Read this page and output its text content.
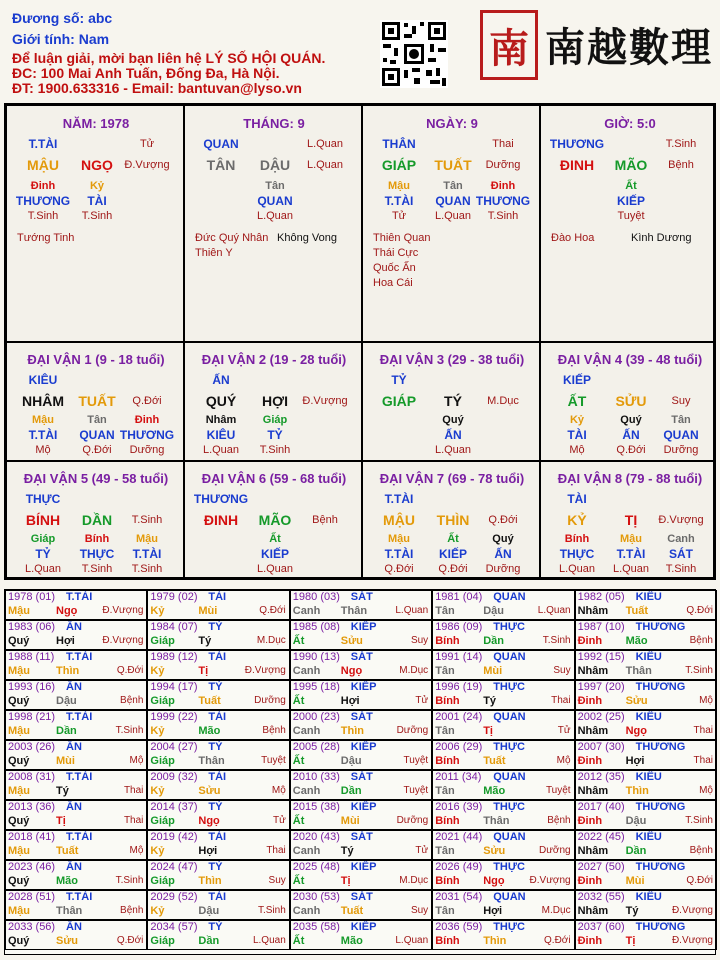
Đương số: abc
Giới tính: Nam
Để luận giải, mời bạn liên hệ LÝ SỐ HỘI QUÁN.
ĐC: 100 Mai Anh Tuấn, Đống Đa, Hà Nội.
ĐT: 1900.633316 - Email: bantuvan@lyso.vn
南 南越數理
NĂM: 1978
T.TÀI	Tử
MẬU NGỌ Đ.Vượng
Đinh
THƯƠNG
T.Sinh
Kỷ
TÀI
T.Sinh
Tướng Tinh
THÁNG: 9
QUAN	L.Quan
TÂN DẬU L.Quan
Tân
QUAN
L.Quan
Đức Quý Nhân Không Vong
Thiên Y
NGÀY: 9
THÂN	Thai
GIÁP TUẤT Dưỡng
Mậu
T.TÀI
Tử
Tân
QUAN
L.Quan
Đinh
THƯƠNG
T.Sinh
Thiên Quan
Thái Cực
Quốc Ấn
Hoa Cái
GIỜ: 5:0
THƯƠNG	T.Sinh
ĐINH MÃO Bệnh
Ất
KIẾP
Tuyệt
Đào Hoa	Kình Dương
ĐẠI VẬN 1 (9 - 18 tuổi)
KIÊU
NHÂM TUẤT Q.Đới
Mậu
T.TÀI
Mộ
Tân
QUAN
Q.Đới
Đinh
THƯƠNG
Dưỡng
ĐẠI VẬN 2 (19 - 28 tuổi)
ẤN
QUÝ HỢI Đ.Vượng
Nhâm
KIÊU
L.Quan
Giáp
TỶ
T.Sinh
ĐẠI VẬN 3 (29 - 38 tuổi)
TỶ
GIÁP TÝ M.Dục
Quý
ẤN
L.Quan
ĐẠI VẬN 4 (39 - 48 tuổi)
KIẾP
ẤT SỬU Suy
Kỷ
TÀI
Mộ
Quý
ẤN
Q.Đới
Tân
QUAN
Dưỡng
ĐẠI VẬN 5 (49 - 58 tuổi)
THỰC
BÍNH DẦN T.Sinh
Giáp
TỶ
L.Quan
Bính
THỰC
T.Sinh
Mậu
T.TÀI
T.Sinh
ĐẠI VẬN 6 (59 - 68 tuổi)
THƯƠNG
ĐINH MÃO Bệnh
Ất
KIẾP
L.Quan
ĐẠI VẬN 7 (69 - 78 tuổi)
T.TÀI
MẬU THÌN Q.Đới
Mậu
T.TÀI
Q.Đới
Ất
KIẾP
Q.Đới
Quý
ẤN
Dưỡng
ĐẠI VẬN 8 (79 - 88 tuổi)
TÀI
KỶ	TỊ Đ.Vượng
Bính
THỰC
L.Quan
Mậu
T.TÀI
L.Quan
Canh
SÁT
T.Sinh
1978 (01) T.TÀI
Mậu Ngọ Đ.Vượng
1979 (02) TÀI
Kỷ	Mùi	Q.Đới
1980 (03) SÁT
Canh Thân	L.Quan
1981 (04) QUAN
Tân	Dậu	L.Quan
1982 (05) KIÊU
Nhâm Tuất	Q.Đới
1983 (06) ẤN
Quý Hợi	Đ.Vượng
1984 (07) TỶ
Giáp Tý	M.Dục
1985 (08) KIẾP
Ất	Sửu	Suy
1986 (09) THỰC
Bính Dần	T.Sinh
1987 (10) THƯƠNG
Đinh Mão	Bệnh
1988 (11) T.TÀI
Mậu Thìn	Q.Đới
1989 (12) TÀI
Kỷ	Tị	Đ.Vượng
1990 (13) SÁT
Canh Ngọ	M.Dục
1991 (14) QUAN
Tân	Mùi	Suy
1992 (15) KIÊU
Nhâm Thân	T.Sinh
1993 (16) ẤN
Quý Dậu	Bệnh
1994 (17) TỶ
Giáp Tuất	Dưỡng
1995 (18) KIẾP
Ất	Hợi	Tử
1996 (19) THỰC
Bính Tý	Thai
1997 (20) THƯƠNG
Đinh Sửu	Mộ
1998 (21) T.TÀI
Mậu Dần	T.Sinh
1999 (22) TÀI
Kỷ	Mão	Bệnh
2000 (23) SÁT
Canh Thìn	Dưỡng
2001 (24) QUAN
Tân	Tị	Tử
2002 (25) KIÊU
Nhâm Ngọ	Thai
2003 (26) ẤN
Quý Mùi	Mộ
2004 (27) TỶ
Giáp Thân	Tuyệt
2005 (28) KIẾP
Ất	Dậu	Tuyệt
2006 (29) THỰC
Bính Tuất	Mộ
2007 (30) THƯƠNG
Đinh Hợi	Thai
2008 (31) T.TÀI
Mậu Tý	Thai
2009 (32) TÀI
Kỷ	Sửu	Mộ
2010 (33) SÁT
Canh Dần	Tuyệt
2011 (34) QUAN
Tân	Mão	Tuyệt
2012 (35) KIÊU
Nhâm Thìn	Mộ
2013 (36) ẤN
Quý Tị	Thai
2014 (37) TỶ
Giáp Ngọ	Tử
2015 (38) KIẾP
Ất	Mùi	Dưỡng
2016 (39) THỰC
Bính Thân	Bệnh
2017 (40) THƯƠNG
Đinh Dậu	T.Sinh
2018 (41) T.TÀI
Mậu Tuất	Mộ
2019 (42) TÀI
Kỷ	Hợi	Thai
2020 (43) SÁT
Canh Tý	Tử
2021 (44) QUAN
Tân	Sửu	Dưỡng
2022 (45) KIÊU
Nhâm Dần	Bệnh
2023 (46) ẤN
Quý Mão	T.Sinh
2024 (47) TỶ
Giáp Thìn	Suy
2025 (48) KIẾP
Ất	Tị	M.Dục
2026 (49) THỰC
Bính Ngọ Đ.Vượng
2027 (50) THƯƠNG
Đinh Mùi	Q.Đới
2028 (51) T.TÀI
Mậu Thân	Bệnh
2029 (52) TÀI
Kỷ	Dậu	T.Sinh
2030 (53) SÁT
Canh Tuất	Suy
2031 (54) QUAN
Tân	Hợi	M.Dục
2032 (55) KIÊU
Nhâm Tý	Đ.Vượng
2033 (56) ẤN
Quý Sửu	Q.Đới
2034 (57) TỶ
Giáp Dần	L.Quan
2035 (58) KIẾP
Ất	Mão	L.Quan
2036 (59) THỰC
Bính Thìn	Q.Đới
2037 (60) THƯƠNG
Đinh Tị	Đ.Vượng
